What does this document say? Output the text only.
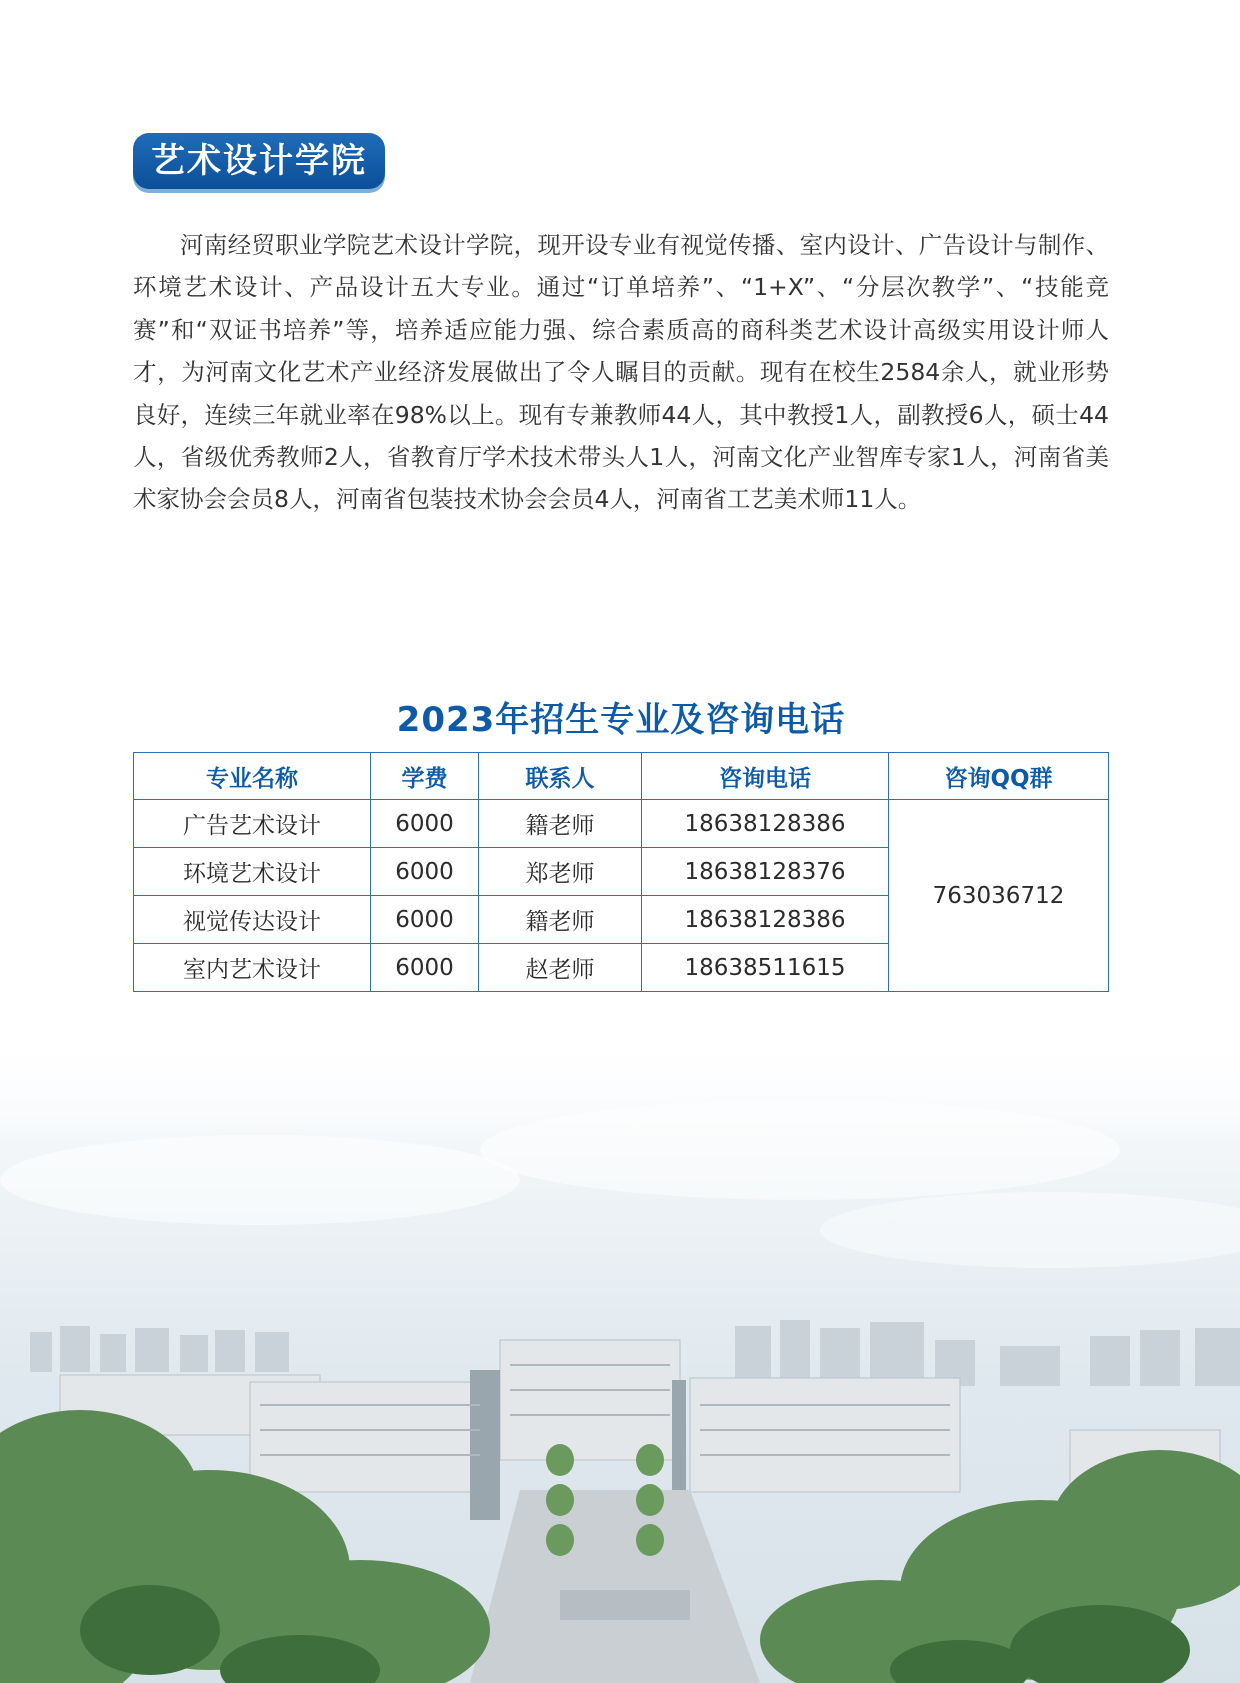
艺术设计学院

河南经贸职业学院艺术设计学院，现开设专业有视觉传播、室内设计、广告设计与制作、环境艺术设计、产品设计五大专业。通过“订单培养”、“1+X”、“分层次教学”、“技能竞赛”和“双证书培养”等，培养适应能力强、综合素质高的商科类艺术设计高级实用设计师人才，为河南文化艺术产业经济发展做出了令人瞩目的贡献。现有在校生2584余人，就业形势良好，连续三年就业率在98%以上。现有专兼教师44人，其中教授1人，副教授6人，硕士44人，省级优秀教师2人，省教育厅学术技术带头人1人，河南文化产业智库专家1人，河南省美术家协会会员8人，河南省包装技术协会会员4人，河南省工艺美术师11人。

2023年招生专业及咨询电话
专业名称	学费	联系人	咨询电话	咨询QQ群
广告艺术设计	6000	籍老师	18638128386	763036712
环境艺术设计	6000	郑老师	18638128376	
视觉传达设计	6000	籍老师	18638128386	
室内艺术设计	6000	赵老师	18638511615	
